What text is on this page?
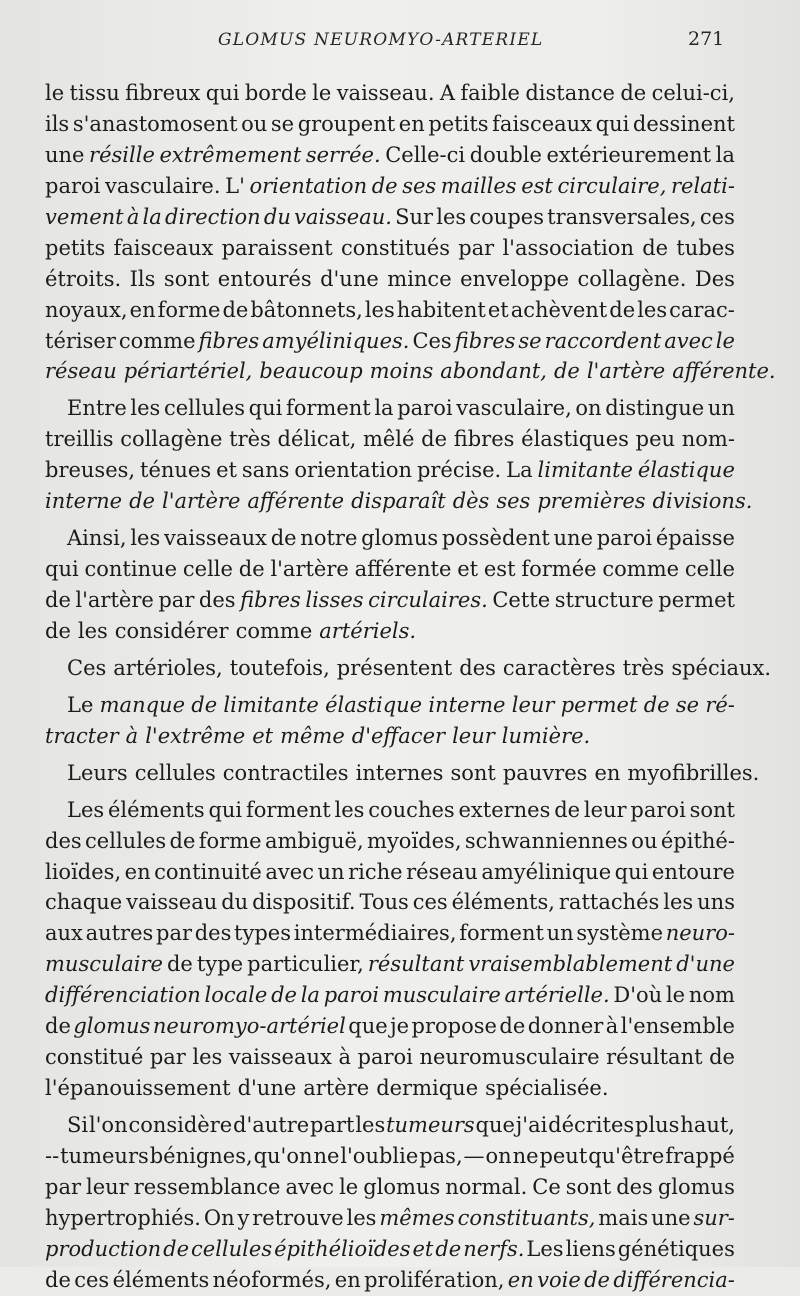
GLOMUS NEUROMYO-ARTERIEL	271
le tissu fibreux qui borde le vaisseau. A faible distance de celui-ci,
ils s'anastomosent ou se groupent en petits faisceaux qui dessinent
une résille extrêmement serrée. Celle-ci double extérieurement la
paroi vasculaire. L' orientation de ses mailles est circulaire, relati-
vement à la direction du vaisseau. Sur les coupes transversales, ces
petits faisceaux paraissent constitués par l'association de tubes
étroits. Ils sont entourés d'une mince enveloppe collagène. Des
noyaux, en forme de bâtonnets, les habitent et achèvent de les carac-
tériser comme fibres amyéliniques. Ces fibres se raccordent avec le
réseau périartériel, beaucoup moins abondant, de l'artère afférente.
Entre les cellules qui forment la paroi vasculaire, on distingue un
treillis collagène très délicat, mêlé de fibres élastiques peu nom-
breuses, ténues et sans orientation précise. La limitante élastique
interne de l'artère afférente disparaît dès ses premières divisions.
Ainsi, les vaisseaux de notre glomus possèdent une paroi épaisse
qui continue celle de l'artère afférente et est formée comme celle
de l'artère par des fibres lisses circulaires. Cette structure permet
de les considérer comme artériels.
Ces artérioles, toutefois, présentent des caractères très spéciaux.
Le manque de limitante élastique interne leur permet de se ré-
tracter à l'extrême et même d'effacer leur lumière.
Leurs cellules contractiles internes sont pauvres en myofibrilles.
Les éléments qui forment les couches externes de leur paroi sont
des cellules de forme ambiguë, myoïdes, schwanniennes ou épithé-
lioïdes, en continuité avec un riche réseau amyélinique qui entoure
chaque vaisseau du dispositif. Tous ces éléments, rattachés les uns
aux autres par des types intermédiaires, forment un système neuro-
musculaire de type particulier, résultant vraisemblablement d'une
différenciation locale de la paroi musculaire artérielle. D'où le nom
de glomus neuromyo-artériel que je propose de donner à l'ensemble
constitué par les vaisseaux à paroi neuromusculaire résultant de
l'épanouissement d'une artère dermique spécialisée.
Si l'on considère d'autre part les tumeurs que j'ai décrites plus haut,
-- tumeurs bénignes, qu'on ne l'oublie pas, — on ne peut qu'être frappé
par leur ressemblance avec le glomus normal. Ce sont des glomus
hypertrophiés. On y retrouve les mêmes constituants, mais une sur-
production de cellules épithélioïdes et de nerfs. Les liens génétiques
de ces éléments néoformés, en prolifération, en voie de différencia-
